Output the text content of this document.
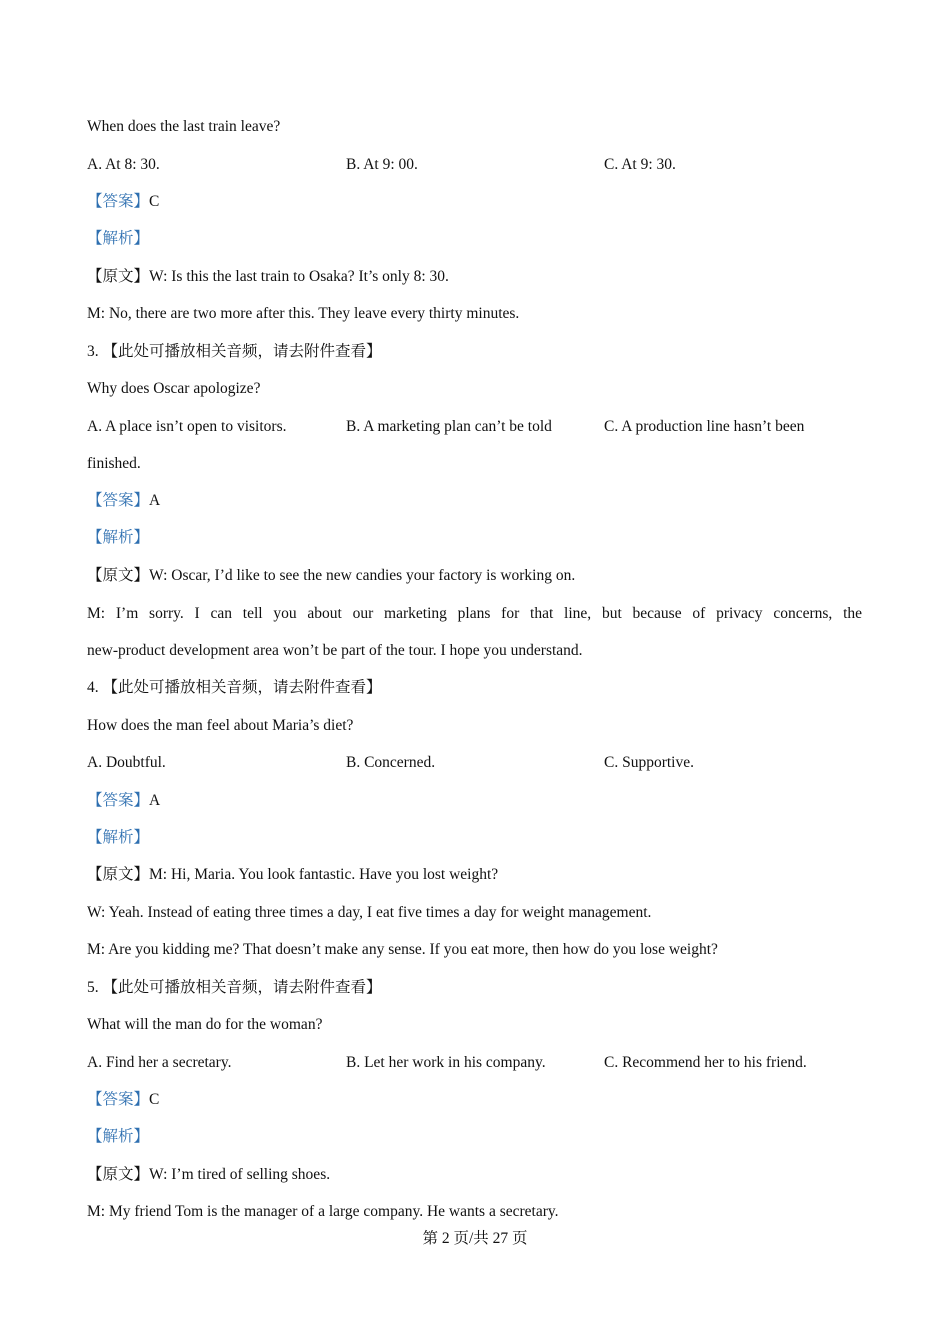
When does the last train leave?
A. At 8: 30.	B. At 9: 00.	C. At 9: 30.
【答案】C
【解析】
【原文】W: Is this the last train to Osaka? It’s only 8: 30.
M: No, there are two more after this. They leave every thirty minutes.
3. 【此处可播放相关音频，请去附件查看】
Why does Oscar apologize?
A. A place isn’t open to visitors.	B. A marketing plan can’t be told	C. A production line hasn’t been
finished.
【答案】A
【解析】
【原文】W: Oscar, I’d like to see the new candies your factory is working on.
M: I’m sorry. I can tell you about our marketing plans for that line, but because of privacy concerns, the
new-product development area won’t be part of the tour. I hope you understand.
4. 【此处可播放相关音频，请去附件查看】
How does the man feel about Maria’s diet?
A. Doubtful.	B. Concerned.	C. Supportive.
【答案】A
【解析】
【原文】M: Hi, Maria. You look fantastic. Have you lost weight?
W: Yeah. Instead of eating three times a day, I eat five times a day for weight management.
M: Are you kidding me? That doesn’t make any sense. If you eat more, then how do you lose weight?
5. 【此处可播放相关音频，请去附件查看】
What will the man do for the woman?
A. Find her a secretary.	B. Let her work in his company.	C. Recommend her to his friend.
【答案】C
【解析】
【原文】W: I’m tired of selling shoes.
M: My friend Tom is the manager of a large company. He wants a secretary.
第 2 页/共 27 页
